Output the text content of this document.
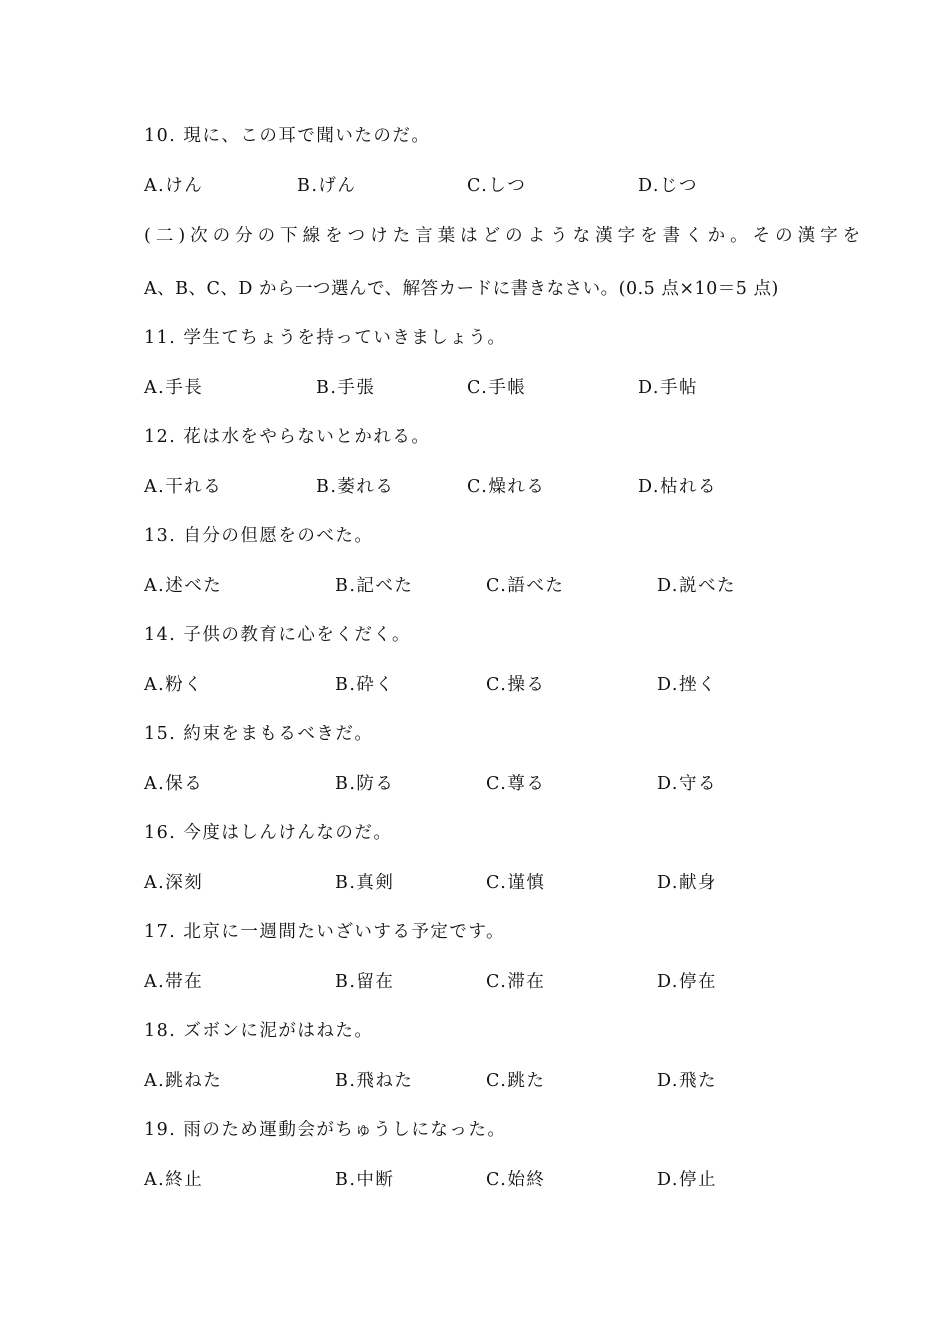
10. 現に、この耳で聞いたのだ。
A.けん	B.げん	C.しつ	D.じつ
(二)次の分の下線をつけた言葉はどのような漢字を書くか。その漢字を
A、B、C、D から一つ選んで、解答カードに書きなさい。(0.5 点×10＝5 点)
11. 学生てちょうを持っていきましょう。
A.手長	B.手張	C.手帳	D.手帖
12. 花は水をやらないとかれる。
A.干れる	B.萎れる	C.燥れる	D.枯れる
13. 自分の但愿をのべた。
A.述べた	B.記べた	C.語べた	D.説べた
14. 子供の教育に心をくだく。
A.粉く	B.砕く	C.操る	D.挫く
15. 約束をまもるべきだ。
A.保る	B.防る	C.尊る	D.守る
16. 今度はしんけんなのだ。
A.深刻	B.真剣	C.谨慎	D.献身
17. 北京に一週間たいざいする予定です。
A.帯在	B.留在	C.滞在	D.停在
18. ズボンに泥がはねた。
A.跳ねた	B.飛ねた	C.跳た	D.飛た
19. 雨のため運動会がちゅうしになった。
A.終止	B.中断	C.始終	D.停止
